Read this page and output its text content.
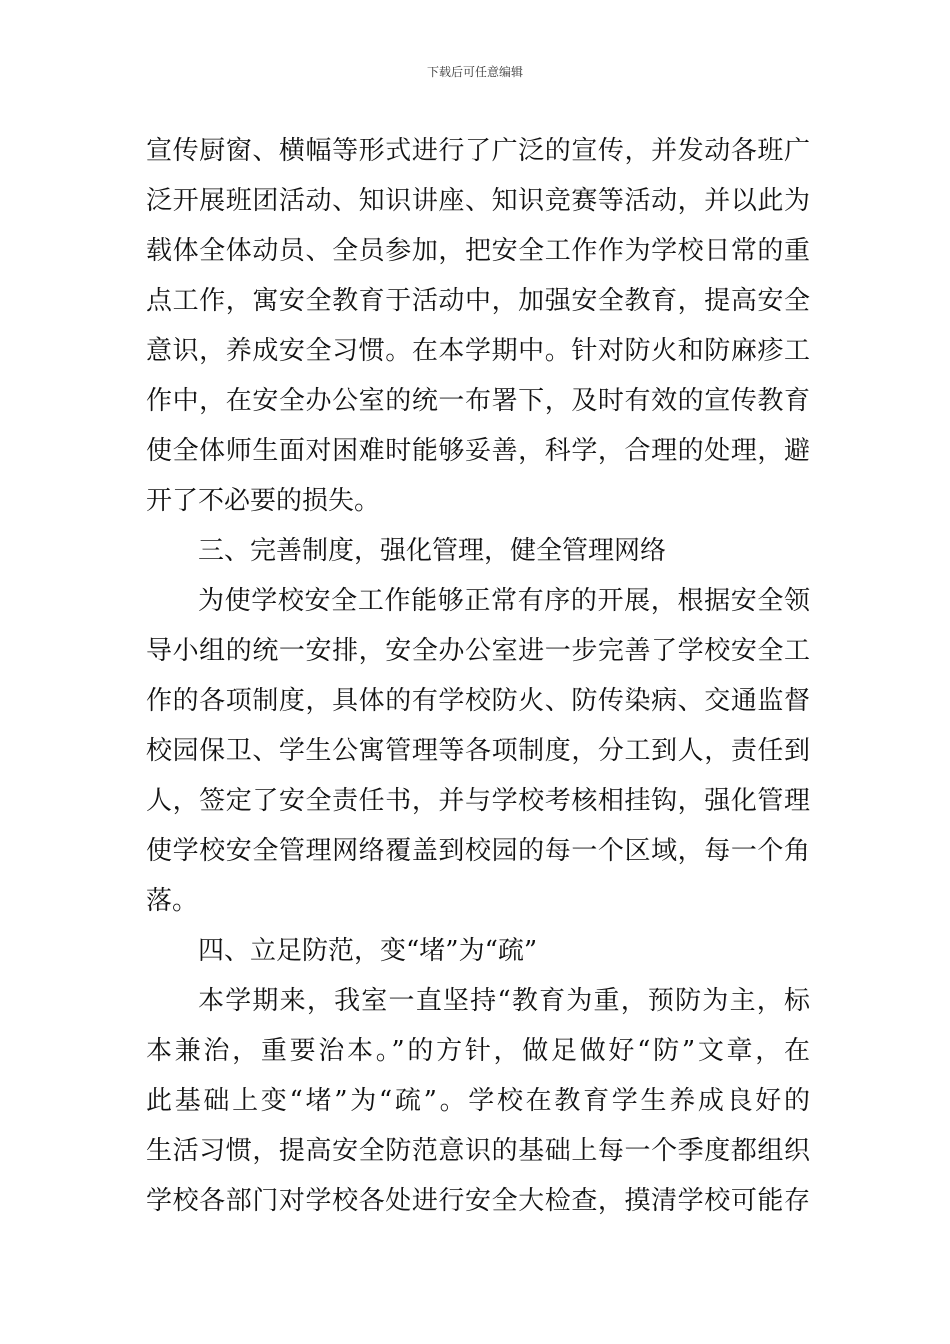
下载后可任意编辑
宣传厨窗、横幅等形式进行了广泛的宣传，并发动各班广
泛开展班团活动、知识讲座、知识竞赛等活动，并以此为
载体全体动员、全员参加，把安全工作作为学校日常的重
点工作，寓安全教育于活动中，加强安全教育，提高安全
意识，养成安全习惯。在本学期中。针对防火和防麻疹工
作中，在安全办公室的统一布署下，及时有效的宣传教育
使全体师生面对困难时能够妥善，科学，合理的处理，避
开了不必要的损失。
三、完善制度，强化管理，健全管理网络
为使学校安全工作能够正常有序的开展，根据安全领
导小组的统一安排，安全办公室进一步完善了学校安全工
作的各项制度，具体的有学校防火、防传染病、交通监督
校园保卫、学生公寓管理等各项制度，分工到人，责任到
人，签定了安全责任书，并与学校考核相挂钩，强化管理
使学校安全管理网络覆盖到校园的每一个区域，每一个角
落。
四、立足防范，变“堵”为“疏”
本学期来，我室一直坚持“教育为重，预防为主，标
本兼治，重要治本。”的方针，做足做好“防”文章，在
此基础上变“堵”为“疏”。学校在教育学生养成良好的
生活习惯，提高安全防范意识的基础上每一个季度都组织
学校各部门对学校各处进行安全大检查，摸清学校可能存
